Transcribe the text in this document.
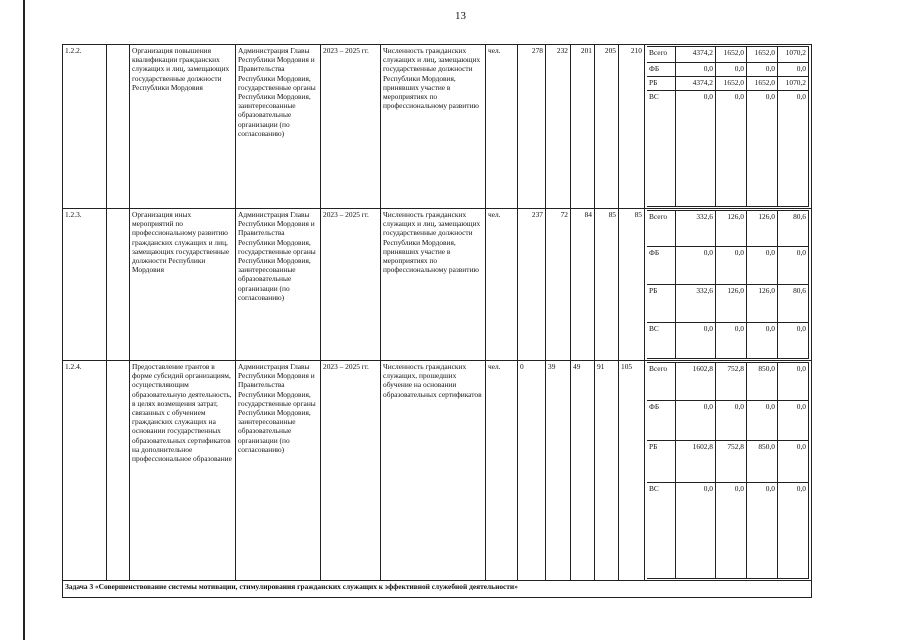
13
1.2.2.		Организация повышения квалификации гражданских служащих и лиц, замещающих государственные должности Республики Мордовия	Администрация Главы Республики Мордовия и Правительства Республики Мордовия, государственные органы Республики Мордовия, заинтересованные образовательные организации (по согласованию)	2023 – 2025 гг.	Численность гражданских служащих и лиц, замещающих государственные должности Республики Мордовия, принявших участие в мероприятиях по профессиональному развитию	чел.	278	232	201	205	210	Всего	4374,2	1652,0	1652,0	1070,2
ФБ	0,0	0,0	0,0	0,0
РБ	4374,2	1652,0	1652,0	1070,2
ВС	0,0	0,0	0,0	0,0

1.2.3.		Организация иных мероприятий по профессиональному развитию гражданских служащих и лиц, замещающих государственные должности Республики Мордовия	Администрация Главы Республики Мордовия и Правительства Республики Мордовия, государственные органы Республики Мордовия, заинтересованные образовательные организации (по согласованию)	2023 – 2025 гг.	Численность гражданских служащих и лиц, замещающих государственные должности Республики Мордовия, принявших участие в мероприятиях по профессиональному развитию	чел.	237	72	84	85	85	Всего	332,6	126,0	126,0	80,6
ФБ	0,0	0,0	0,0	0,0
РБ	332,6	126,0	126,0	80,6
ВС	0,0	0,0	0,0	0,0

1.2.4.		Предоставление грантов в форме субсидий организациям, осуществляющим образовательную деятельность, в целях возмещения затрат, связанных с обучением гражданских служащих на основании государственных образовательных сертификатов на дополнительное профессиональное образование	Администрация Главы Республики Мордовия и Правительства Республики Мордовия, государственные органы Республики Мордовия, заинтересованные образовательные организации (по согласованию)	2023 – 2025 гг.	Численность гражданских служащих, прошедших обучение на основании образовательных сертификатов	чел.	0	39	49	91	105	Всего	1602,8	752,8	850,0	0,0
ФБ	0,0	0,0	0,0	0,0
РБ	1602,8	752,8	850,0	0,0
ВС	0,0	0,0	0,0	0,0

Задача 3 «Совершенствование системы мотивации, стимулирования гражданских служащих к эффективной служебной деятельности»
